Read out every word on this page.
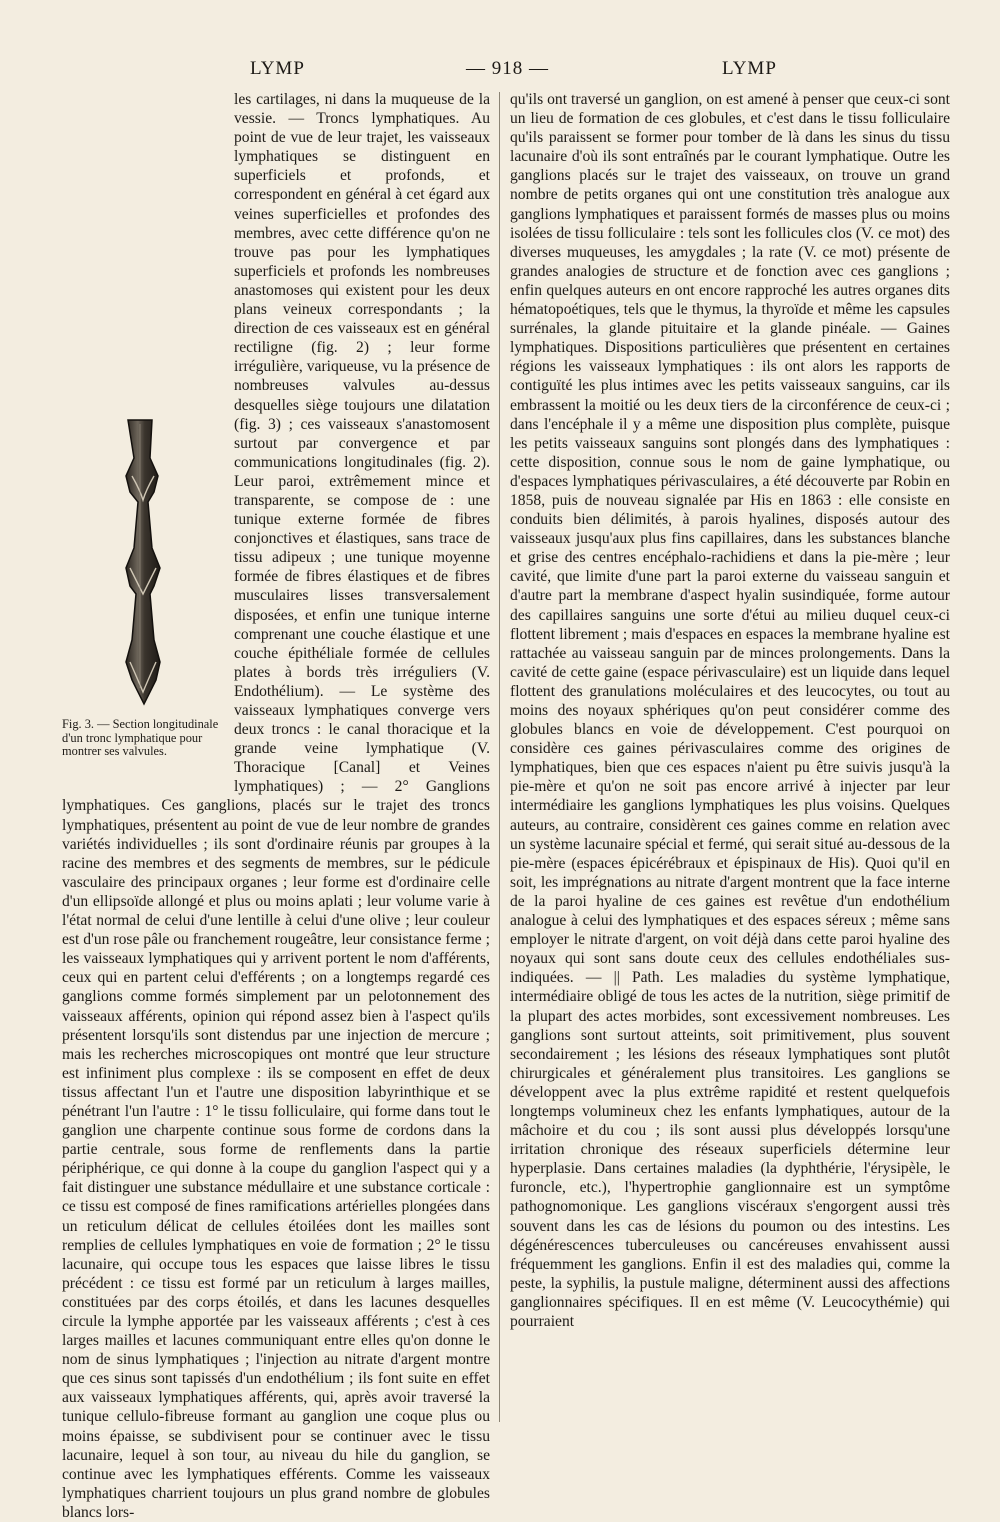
LYMP	— 918 —	LYMP
Fig. 3. — Section longitudinale d'un tronc lymphatique pour montrer ses valvules.

les cartilages, ni dans la muqueuse de la vessie. — Troncs lymphatiques. Au point de vue de leur trajet, les vaisseaux lymphatiques se distinguent en superficiels et profonds, et correspondent en général à cet égard aux veines superficielles et profondes des membres, avec cette différence qu'on ne trouve pas pour les lymphatiques superficiels et profonds les nombreuses anastomoses qui existent pour les deux plans veineux correspondants ; la direction de ces vaisseaux est en général rectiligne (fig. 2) ; leur forme irrégulière, variqueuse, vu la présence de nombreuses valvules au-dessus desquelles siège toujours une dilatation (fig. 3) ; ces vaisseaux s'anastomosent surtout par convergence et par communications longitudinales (fig. 2). Leur paroi, extrêmement mince et transparente, se compose de : une tunique externe formée de fibres conjonctives et élastiques, sans trace de tissu adipeux ; une tunique moyenne formée de fibres élastiques et de fibres musculaires lisses transversalement disposées, et enfin une tunique interne comprenant une couche élastique et une couche épithéliale formée de cellules plates à bords très irréguliers (V. Endothélium). — Le système des vaisseaux lymphatiques converge vers deux troncs : le canal thoracique et la grande veine lymphatique (V. Thoracique [Canal] et Veines lymphatiques) ; — 2° Ganglions lymphatiques. Ces ganglions, placés sur le trajet des troncs lymphatiques, présentent au point de vue de leur nombre de grandes variétés individuelles ; ils sont d'ordinaire réunis par groupes à la racine des membres et des segments de membres, sur le pédicule vasculaire des principaux organes ; leur forme est d'ordinaire celle d'un ellipsoïde allongé et plus ou moins aplati ; leur volume varie à l'état normal de celui d'une lentille à celui d'une olive ; leur couleur est d'un rose pâle ou franchement rougeâtre, leur consistance ferme ; les vaisseaux lymphatiques qui y arrivent portent le nom d'afférents, ceux qui en partent celui d'efférents ; on a longtemps regardé ces ganglions comme formés simplement par un pelotonnement des vaisseaux afférents, opinion qui répond assez bien à l'aspect qu'ils présentent lorsqu'ils sont distendus par une injection de mercure ; mais les recherches microscopiques ont montré que leur structure est infiniment plus complexe : ils se composent en effet de deux tissus affectant l'un et l'autre une disposition labyrinthique et se pénétrant l'un l'autre : 1° le tissu folliculaire, qui forme dans tout le ganglion une charpente continue sous forme de cordons dans la partie centrale, sous forme de renflements dans la partie périphérique, ce qui donne à la coupe du ganglion l'aspect qui y a fait distinguer une substance médullaire et une substance corticale : ce tissu est composé de fines ramifications artérielles plongées dans un reticulum délicat de cellules étoilées dont les mailles sont remplies de cellules lymphatiques en voie de formation ; 2° le tissu lacunaire, qui occupe tous les espaces que laisse libres le tissu précédent : ce tissu est formé par un reticulum à larges mailles, constituées par des corps étoilés, et dans les lacunes desquelles circule la lymphe apportée par les vaisseaux afférents ; c'est à ces larges mailles et lacunes communiquant entre elles qu'on donne le nom de sinus lymphatiques ; l'injection au nitrate d'argent montre que ces sinus sont tapissés d'un endothélium ; ils font suite en effet aux vaisseaux lymphatiques afférents, qui, après avoir traversé la tunique cellulo-fibreuse formant au ganglion une coque plus ou moins épaisse, se subdivisent pour se continuer avec le tissu lacunaire, lequel à son tour, au niveau du hile du ganglion, se continue avec les lymphatiques efférents. Comme les vaisseaux lymphatiques charrient toujours un plus grand nombre de globules blancs lors-

qu'ils ont traversé un ganglion, on est amené à penser que ceux-ci sont un lieu de formation de ces globules, et c'est dans le tissu folliculaire qu'ils paraissent se former pour tomber de là dans les sinus du tissu lacunaire d'où ils sont entraînés par le courant lymphatique. Outre les ganglions placés sur le trajet des vaisseaux, on trouve un grand nombre de petits organes qui ont une constitution très analogue aux ganglions lymphatiques et paraissent formés de masses plus ou moins isolées de tissu folliculaire : tels sont les follicules clos (V. ce mot) des diverses muqueuses, les amygdales ; la rate (V. ce mot) présente de grandes analogies de structure et de fonction avec ces ganglions ; enfin quelques auteurs en ont encore rapproché les autres organes dits hématopoétiques, tels que le thymus, la thyroïde et même les capsules surrénales, la glande pituitaire et la glande pinéale. — Gaines lymphatiques. Dispositions particulières que présentent en certaines régions les vaisseaux lymphatiques : ils ont alors les rapports de contiguïté les plus intimes avec les petits vaisseaux sanguins, car ils embrassent la moitié ou les deux tiers de la circonférence de ceux-ci ; dans l'encéphale il y a même une disposition plus complète, puisque les petits vaisseaux sanguins sont plongés dans des lymphatiques : cette disposition, connue sous le nom de gaine lymphatique, ou d'espaces lymphatiques périvasculaires, a été découverte par Robin en 1858, puis de nouveau signalée par His en 1863 : elle consiste en conduits bien délimités, à parois hyalines, disposés autour des vaisseaux jusqu'aux plus fins capillaires, dans les substances blanche et grise des centres encéphalo-rachidiens et dans la pie-mère ; leur cavité, que limite d'une part la paroi externe du vaisseau sanguin et d'autre part la membrane d'aspect hyalin susindiquée, forme autour des capillaires sanguins une sorte d'étui au milieu duquel ceux-ci flottent librement ; mais d'espaces en espaces la membrane hyaline est rattachée au vaisseau sanguin par de minces prolongements. Dans la cavité de cette gaine (espace périvasculaire) est un liquide dans lequel flottent des granulations moléculaires et des leucocytes, ou tout au moins des noyaux sphériques qu'on peut considérer comme des globules blancs en voie de développement. C'est pourquoi on considère ces gaines périvasculaires comme des origines de lymphatiques, bien que ces espaces n'aient pu être suivis jusqu'à la pie-mère et qu'on ne soit pas encore arrivé à injecter par leur intermédiaire les ganglions lymphatiques les plus voisins. Quelques auteurs, au contraire, considèrent ces gaines comme en relation avec un système lacunaire spécial et fermé, qui serait situé au-dessous de la pie-mère (espaces épicérébraux et épispinaux de His). Quoi qu'il en soit, les imprégnations au nitrate d'argent montrent que la face interne de la paroi hyaline de ces gaines est revêtue d'un endothélium analogue à celui des lymphatiques et des espaces séreux ; même sans employer le nitrate d'argent, on voit déjà dans cette paroi hyaline des noyaux qui sont sans doute ceux des cellules endothéliales sus-indiquées. — || Path. Les maladies du système lymphatique, intermédiaire obligé de tous les actes de la nutrition, siège primitif de la plupart des actes morbides, sont excessivement nombreuses. Les ganglions sont surtout atteints, soit primitivement, plus souvent secondairement ; les lésions des réseaux lymphatiques sont plutôt chirurgicales et généralement plus transitoires. Les ganglions se développent avec la plus extrême rapidité et restent quelquefois longtemps volumineux chez les enfants lymphatiques, autour de la mâchoire et du cou ; ils sont aussi plus développés lorsqu'une irritation chronique des réseaux superficiels détermine leur hyperplasie. Dans certaines maladies (la dyphthérie, l'érysipèle, le furoncle, etc.), l'hypertrophie ganglionnaire est un symptôme pathognomonique. Les ganglions viscéraux s'engorgent aussi très souvent dans les cas de lésions du poumon ou des intestins. Les dégénérescences tuberculeuses ou cancéreuses envahissent aussi fréquemment les ganglions. Enfin il est des maladies qui, comme la peste, la syphilis, la pustule maligne, déterminent aussi des affections ganglionnaires spécifiques. Il en est même (V. Leucocythémie) qui pourraient
